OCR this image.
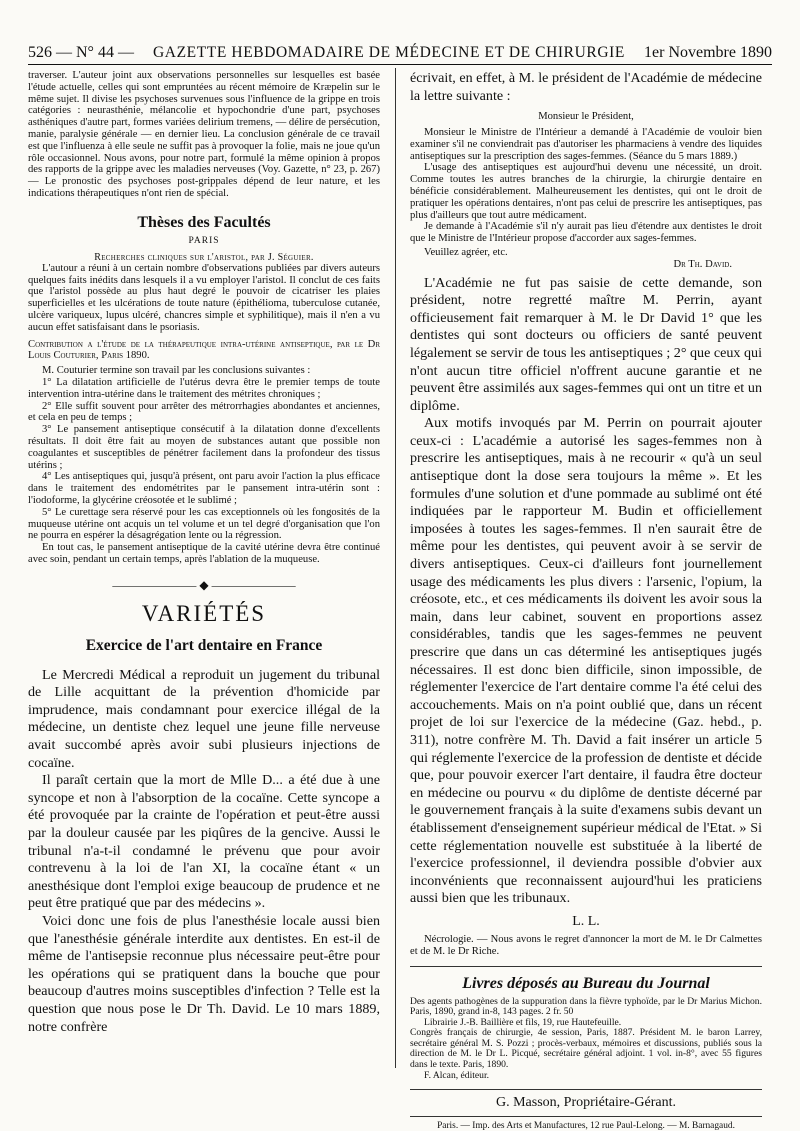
526 — N° 44 — GAZETTE HEBDOMADAIRE DE MÉDECINE ET DE CHIRURGIE 1er Novembre 1890

traverser. L'auteur joint aux observations personnelles sur lesquelles est basée l'étude actuelle, celles qui sont empruntées au récent mémoire de Kræpelin sur le même sujet. Il divise les psychoses survenues sous l'influence de la grippe en trois catégories : neurasthénie, mélancolie et hypochondrie d'une part, psychoses asthéniques d'autre part, formes variées delirium tremens, — délire de persécution, manie, paralysie générale — en dernier lieu. La conclusion générale de ce travail est que l'influenza à elle seule ne suffit pas à provoquer la folie, mais ne joue qu'un rôle occasionnel. Nous avons, pour notre part, formulé la même opinion à propos des rapports de la grippe avec les maladies nerveuses (Voy. Gazette, n° 23, p. 267) — Le pronostic des psychoses post-grippales dépend de leur nature, et les indications thérapeutiques n'ont rien de spécial.

Thèses des Facultés
PARIS
Recherches cliniques sur l'aristol, par J. Séguier.

L'autour a réuni à un certain nombre d'observations publiées par divers auteurs quelques faits inédits dans lesquels il a vu employer l'aristol. Il conclut de ces faits que l'aristol possède au plus haut degré le pouvoir de cicatriser les plaies superficielles et les ulcérations de toute nature (épithélioma, tuberculose cutanée, ulcère variqueux, lupus ulcéré, chancres simple et syphilitique), mais il n'en a vu aucun effet satisfaisant dans le psoriasis.

Contribution a l'étude de la thérapeutique intra-utérine antiseptique, par le Dr Louis Couturier, Paris 1890.

M. Couturier termine son travail par les conclusions suivantes :

1° La dilatation artificielle de l'utérus devra être le premier temps de toute intervention intra-utérine dans le traitement des métrites chroniques ;

2° Elle suffit souvent pour arrêter des métrorrhagies abondantes et anciennes, et cela en peu de temps ;

3° Le pansement antiseptique consécutif à la dilatation donne d'excellents résultats. Il doit être fait au moyen de substances autant que possible non coagulantes et susceptibles de pénétrer facilement dans la profondeur des tissus utérins ;

4° Les antiseptiques qui, jusqu'à présent, ont paru avoir l'action la plus efficace dans le traitement des endométrites par le pansement intra-utérin sont : l'iodoforme, la glycérine créosotée et le sublimé ;

5° Le curettage sera réservé pour les cas exceptionnels où les fongosités de la muqueuse utérine ont acquis un tel volume et un tel degré d'organisation que l'on ne pourra en espérer la désagrégation lente ou la régression.

En tout cas, le pansement antiseptique de la cavité utérine devra être continué avec soin, pendant un certain temps, après l'ablation de la muqueuse.

——————— ◆ ———————
VARIÉTÉS
Exercice de l'art dentaire en France

Le Mercredi Médical a reproduit un jugement du tribunal de Lille acquittant de la prévention d'homicide par imprudence, mais condamnant pour exercice illégal de la médecine, un dentiste chez lequel une jeune fille nerveuse avait succombé après avoir subi plusieurs injections de cocaïne.

Il paraît certain que la mort de Mlle D... a été due à une syncope et non à l'absorption de la cocaïne. Cette syncope a été provoquée par la crainte de l'opération et peut-être aussi par la douleur causée par les piqûres de la gencive. Aussi le tribunal n'a-t-il condamné le prévenu que pour avoir contrevenu à la loi de l'an XI, la cocaïne étant « un anesthésique dont l'emploi exige beaucoup de prudence et ne peut être pratiqué que par des médecins ».

Voici donc une fois de plus l'anesthésie locale aussi bien que l'anesthésie générale interdite aux dentistes. En est-il de même de l'antisepsie reconnue plus nécessaire peut-être pour les opérations qui se pratiquent dans la bouche que pour beaucoup d'autres moins susceptibles d'infection ? Telle est la question que nous pose le Dr Th. David. Le 10 mars 1889, notre confrère

écrivait, en effet, à M. le président de l'Académie de médecine la lettre suivante :

Monsieur le Président,

Monsieur le Ministre de l'Intérieur a demandé à l'Académie de vouloir bien examiner s'il ne conviendrait pas d'autoriser les pharmaciens à vendre des liquides antiseptiques sur la prescription des sages-femmes. (Séance du 5 mars 1889.)

L'usage des antiseptiques est aujourd'hui devenu une nécessité, un droit. Comme toutes les autres branches de la chirurgie, la chirurgie dentaire en bénéficie considérablement. Malheureusement les dentistes, qui ont le droit de pratiquer les opérations dentaires, n'ont pas celui de prescrire les antiseptiques, pas plus d'ailleurs que tout autre médicament.

Je demande à l'Académie s'il n'y aurait pas lieu d'étendre aux dentistes le droit que le Ministre de l'Intérieur propose d'accorder aux sages-femmes.

Veuillez agréer, etc.

Dr Th. David.

L'Académie ne fut pas saisie de cette demande, son président, notre regretté maître M. Perrin, ayant officieusement fait remarquer à M. le Dr David 1° que les dentistes qui sont docteurs ou officiers de santé peuvent légalement se servir de tous les antiseptiques ; 2° que ceux qui n'ont aucun titre officiel n'offrent aucune garantie et ne peuvent être assimilés aux sages-femmes qui ont un titre et un diplôme.

Aux motifs invoqués par M. Perrin on pourrait ajouter ceux-ci : L'académie a autorisé les sages-femmes non à prescrire les antiseptiques, mais à ne recourir « qu'à un seul antiseptique dont la dose sera toujours la même ». Et les formules d'une solution et d'une pommade au sublimé ont été indiquées par le rapporteur M. Budin et officiellement imposées à toutes les sages-femmes. Il n'en saurait être de même pour les dentistes, qui peuvent avoir à se servir de divers antiseptiques. Ceux-ci d'ailleurs font journellement usage des médicaments les plus divers : l'arsenic, l'opium, la créosote, etc., et ces médicaments ils doivent les avoir sous la main, dans leur cabinet, souvent en proportions assez considérables, tandis que les sages-femmes ne peuvent prescrire que dans un cas déterminé les antiseptiques jugés nécessaires. Il est donc bien difficile, sinon impossible, de réglementer l'exercice de l'art dentaire comme l'a été celui des accouchements. Mais on n'a point oublié que, dans un récent projet de loi sur l'exercice de la médecine (Gaz. hebd., p. 311), notre confrère M. Th. David a fait insérer un article 5 qui réglemente l'exercice de la profession de dentiste et décide que, pour pouvoir exercer l'art dentaire, il faudra être docteur en médecine ou pourvu « du diplôme de dentiste décerné par le gouvernement français à la suite d'examens subis devant un établissement d'enseignement supérieur médical de l'Etat. » Si cette réglementation nouvelle est substituée à la liberté de l'exercice professionnel, il deviendra possible d'obvier aux inconvénients que reconnaissent aujourd'hui les praticiens aussi bien que les tribunaux.

L. L.

Nécrologie. — Nous avons le regret d'annoncer la mort de M. le Dr Calmettes et de M. le Dr Riche.

Livres déposés au Bureau du Journal

Des agents pathogènes de la suppuration dans la fièvre typhoïde, par le Dr Marius Michon. Paris, 1890, grand in-8, 143 pages. 2 fr. 50

Librairie J.-B. Baillière et fils, 19, rue Hautefeuille.

Congrès français de chirurgie, 4e session, Paris, 1887. Président M. le baron Larrey, secrétaire général M. S. Pozzi ; procès-verbaux, mémoires et discussions, publiés sous la direction de M. le Dr L. Picqué, secrétaire général adjoint. 1 vol. in-8°, avec 55 figures dans le texte. Paris, 1890.

F. Alcan, éditeur.

G. Masson, Propriétaire-Gérant.
Paris. — Imp. des Arts et Manufactures, 12 rue Paul-Lelong. — M. Barnagaud.
